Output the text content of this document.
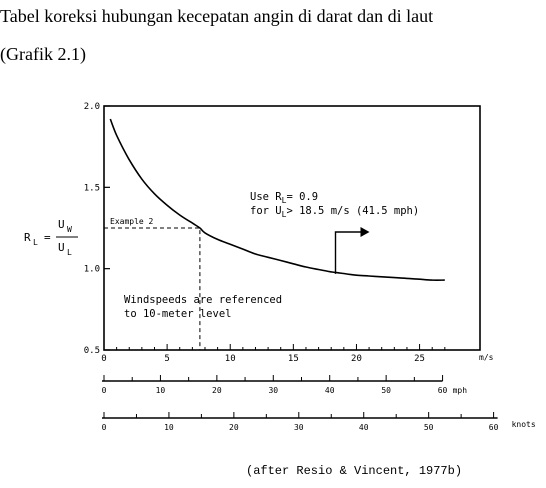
Tabel koreksi hubungan kecepatan angin di darat dan di laut
(Grafik 2.1)
0.5
1.0
1.5
2.0
0	5	10	15	20	25	m/s
R L =
U W
U L
Example 2
Use $R_L= 0.9$
for $U_L> 18.5$ m/s (41.5 mph)
Windspeeds are referenced
to 10-meter level
0	10	20	30	40	50	60 mph
0	10	20	30	40	50	60 knots
(after Resio & Vincent, 1977b)
